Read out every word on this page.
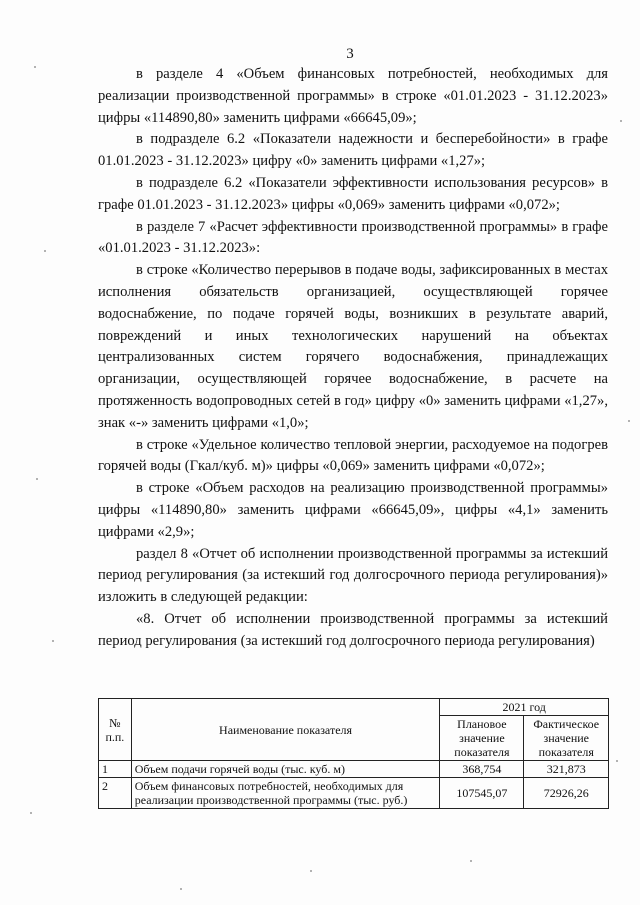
3

в разделе 4 «Объем финансовых потребностей, необходимых для реализации производственной программы» в строке «01.01.2023 - 31.12.2023» цифры «114890,80» заменить цифрами «66645,09»;

в подразделе 6.2 «Показатели надежности и бесперебойности» в графе 01.01.2023 - 31.12.2023» цифру «0» заменить цифрами «1,27»;

в подразделе 6.2 «Показатели эффективности использования ресурсов» в графе 01.01.2023 - 31.12.2023» цифры «0,069» заменить цифрами «0,072»;

в разделе 7 «Расчет эффективности производственной программы» в графе «01.01.2023 - 31.12.2023»:

в строке «Количество перерывов в подаче воды, зафиксированных в местах исполнения обязательств организацией, осуществляющей горячее водоснабжение, по подаче горячей воды, возникших в результате аварий, повреждений и иных технологических нарушений на объектах централизованных систем горячего водоснабжения, принадлежащих организации, осуществляющей горячее водоснабжение, в расчете на протяженность водопроводных сетей в год» цифру «0» заменить цифрами «1,27», знак «-» заменить цифрами «1,0»;

в строке «Удельное количество тепловой энергии, расходуемое на подогрев горячей воды (Гкал/куб. м)» цифры «0,069» заменить цифрами «0,072»;

в строке «Объем расходов на реализацию производственной программы» цифры «114890,80» заменить цифрами «66645,09», цифры «4,1» заменить цифрами «2,9»;

раздел 8 «Отчет об исполнении производственной программы за истекший период регулирования (за истекший год долгосрочного периода регулирования)» изложить в следующей редакции:

«8. Отчет об исполнении производственной программы за истекший период регулирования (за истекший год долгосрочного периода регулирования)

№ п.п.	Наименование показателя	2021 год	
		Плановое значение показателя	Фактическое значение показателя
1	Объем подачи горячей воды (тыс. куб. м)	368,754	321,873
2	Объем финансовых потребностей, необходимых для реализации производственной программы (тыс. руб.)	107545,07	72926,26
